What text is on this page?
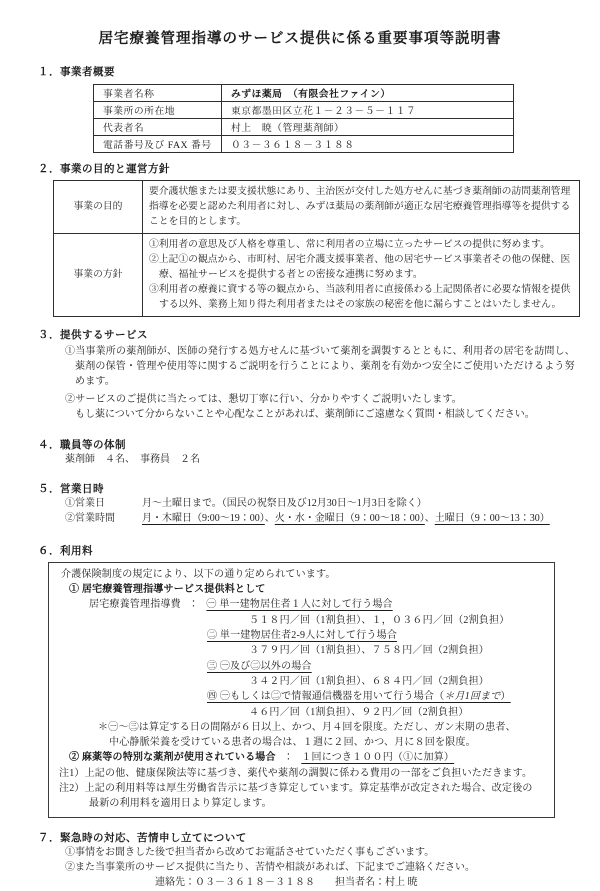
居宅療養管理指導のサービス提供に係る重要事項等説明書
１．事業者概要
事業者名称	みずほ薬局　（有限会社ファイン）
事業所の所在地	東京都墨田区立花１－２３－５－１１７
代表者名	村上　暁（管理薬剤師）
電話番号及び FAX 番号	０３－３６１８－３１８８
２．事業の目的と運営方針
事業の目的	要介護状態または要支援状態にあり、主治医が交付した処方せんに基づき薬剤師の訪問薬剤管理指導を必要と認めた利用者に対し、みずほ薬局の薬剤師が適正な居宅療養管理指導等を提供することを目的とします。
事業の方針	①利用者の意思及び人格を尊重し、常に利用者の立場に立ったサービスの提供に努めます。

②上記①の観点から、市町村、居宅介護支援事業者、他の居宅サービス事業者その他の保健、医療、福祉サービスを提供する者との密接な連携に努めます。

③利用者の療養に資する等の観点から、当該利用者に直接係わる上記関係者に必要な情報を提供する以外、業務上知り得た利用者またはその家族の秘密を他に漏らすことはいたしません。

３．提供するサービス
①当事業所の薬剤師が、医師の発行する処方せんに基づいて薬剤を調製するとともに、利用者の居宅を訪問し、薬剤の保管・管理や使用等に関するご説明を行うことにより、薬剤を有効かつ安全にご使用いただけるよう努めます。
②サービスのご提供に当たっては、懇切丁寧に行い、分かりやすくご説明いたします。
もし薬について分からないことや心配なことがあれば、薬剤師にご遠慮なく質問・相談してください。
４．職員等の体制
薬剤師　４名、　事務員　２名
５．営業日時
①営業日	月～土曜日まで。（国民の祝祭日及び12月30日～1月3日を除く）
②営業時間	月・木曜日（9:00～19：00）、火・水・金曜日（9：00～18：00）、土曜日（9：00～13：30）
６．利用料
介護保険制度の規定により、以下の通り定められています。
① 居宅療養管理指導サービス提供料として
居宅療養管理指導費　：　㊀ 単一建物居住者１人に対して行う場合
５１８円／回（1割負担）、１，０３６円／回（2割負担）
㊁ 単一建物居住者2-9人に対して行う場合
３７９円／回（1割負担）、７５８円／回（2割負担）
㊂ ㊀及び㊁以外の場合
３４２円／回（1割負担）、６８４円／回（2割負担）
㊃ ㊀もしくは㊁で情報通信機器を用いて行う場合（＊月1回まで）
４６円／回（1割負担）、９２円／回（2割負担）
＊㊀～㊂は算定する日の間隔が６日以上、かつ、月４回を限度。ただし、ガン末期の患者、
中心静脈栄養を受けている患者の場合は、１週に２回、かつ、月に８回を限度。
② 麻薬等の特別な薬剤が使用されている場合　：　１回につき１００円（①に加算）
注1）上記の他、健康保険法等に基づき、薬代や薬剤の調製に係わる費用の一部をご負担いただきます。
注2）上記の利用料等は厚生労働省告示に基づき算定しています。算定基準が改定された場合、改定後の
最新の利用料を適用日より算定します。
７．緊急時の対応、苦情申し立てについて
①事情をお聞きした後で担当者から改めてお電話させていただく事もございます。
②また当事業所のサービス提供に当たり、苦情や相談があれば、下記までご連絡ください。
連絡先：０３－３６１８－３１８８　　担当者名：村上 暁
